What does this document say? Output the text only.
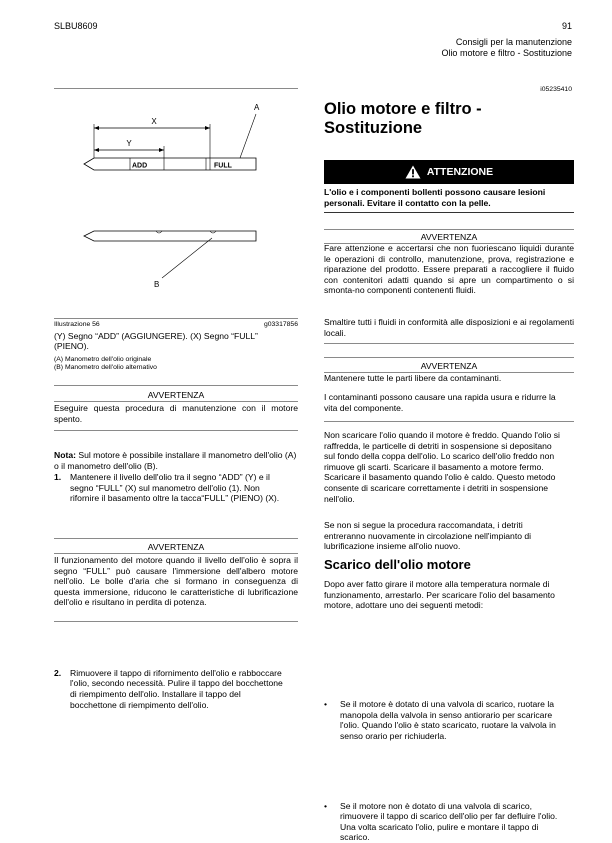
SLBU8609	91
Consigli per la manutenzione
Olio motore e filtro - Sostituzione
X
Y
ADD	FULL
A
B
Illustrazione 56	g03317856
(Y) Segno “ADD” (AGGIUNGERE). (X) Segno “FULL” (PIENO).
(A) Manometro dell'olio originale
(B) Manometro dell'olio alternativo
AVVERTENZA
Eseguire questa procedura di manutenzione con il motore spento.
Nota: Sul motore è possibile installare il manometro dell'olio (A) o il manometro dell'olio (B).
1. Mantenere il livello dell'olio tra il segno “ADD” (Y) e il segno “FULL” (X) sul manometro dell'olio (1). Non rifornire il basamento oltre la tacca“FULL” (PIENO) (X).
AVVERTENZA
Il funzionamento del motore quando il livello dell'olio è sopra il segno “FULL” può causare l'immersione dell'albero motore nell'olio. Le bolle d'aria che si formano in conseguenza di questa immersione, riducono le caratteristiche di lubrificazione dell'olio e risultano in perdita di potenza.
2. Rimuovere il tappo di rifornimento dell'olio e rabboccare l'olio, secondo necessità. Pulire il tappo del bocchettone di riempimento dell'olio. Installare il tappo del bocchettone di riempimento dell'olio.
i05235410
Olio motore e filtro - Sostituzione
ATTENZIONE
L'olio e i componenti bollenti possono causare lesioni personali. Evitare il contatto con la pelle.
AVVERTENZA
Fare attenzione e accertarsi che non fuoriescano liquidi durante le operazioni di controllo, manutenzione, prova, registrazione e riparazione del prodotto. Essere preparati a raccogliere il fluido con contenitori adatti quando si apre un compartimento o si smonta-no componenti contenenti fluidi.
Smaltire tutti i fluidi in conformità alle disposizioni e ai regolamenti locali.
AVVERTENZA
Mantenere tutte le parti libere da contaminanti.
I contaminanti possono causare una rapida usura e ridurre la vita del componente.
Non scaricare l'olio quando il motore è freddo. Quando l'olio si raffredda, le particelle di detriti in sospensione si depositano sul fondo della coppa dell'olio. Lo scarico dell'olio freddo non rimuove gli scarti. Scaricare il basamento a motore fermo. Scaricare il basamento quando l'olio è caldo. Questo metodo consente di scaricare correttamente i detriti in sospensione nell'olio.
Se non si segue la procedura raccomandata, i detriti entreranno nuovamente in circolazione nell'impianto di lubrificazione insieme all'olio nuovo.
Scarico dell'olio motore
Dopo aver fatto girare il motore alla temperatura normale di funzionamento, arrestarlo. Per scaricare l'olio del basamento motore, adottare uno dei seguenti metodi:
• Se il motore è dotato di una valvola di scarico, ruotare la manopola della valvola in senso antiorario per scaricare l'olio. Quando l'olio è stato scaricato, ruotare la valvola in senso orario per richiuderla.
• Se il motore non è dotato di una valvola di scarico, rimuovere il tappo di scarico dell'olio per far defluire l'olio. Una volta scaricato l'olio, pulire e montare il tappo di scarico.
